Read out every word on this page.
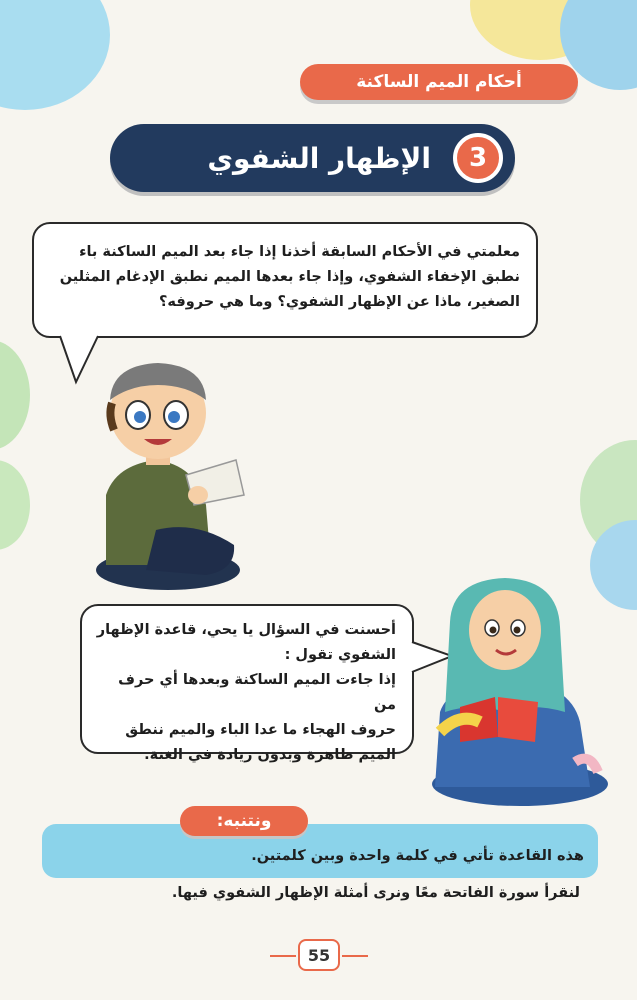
أحكام الميم الساكنة
3
الإظهار الشفوي
معلمتي في الأحكام السابقة أخذنا إذا جاء بعد الميم الساكنة باء
نطبق الإخفاء الشفوي، وإذا جاء بعدها الميم نطبق الإدغام المثلين
الصغير، ماذا عن الإظهار الشفوي؟ وما هي حروفه؟
أحسنت في السؤال يا يحي، قاعدة الإظهار
الشفوي تقول :
إذا جاءت الميم الساكنة وبعدها أي حرف من
حروف الهجاء ما عدا الباء والميم ننطق
الميم ظاهرة وبدون زيادة في الغنة.
هذه القاعدة تأتي في كلمة واحدة وبين كلمتين.
ونتنبه:
لنقرأ سورة الفاتحة معًا ونرى أمثلة الإظهار الشفوي فيها.
55
